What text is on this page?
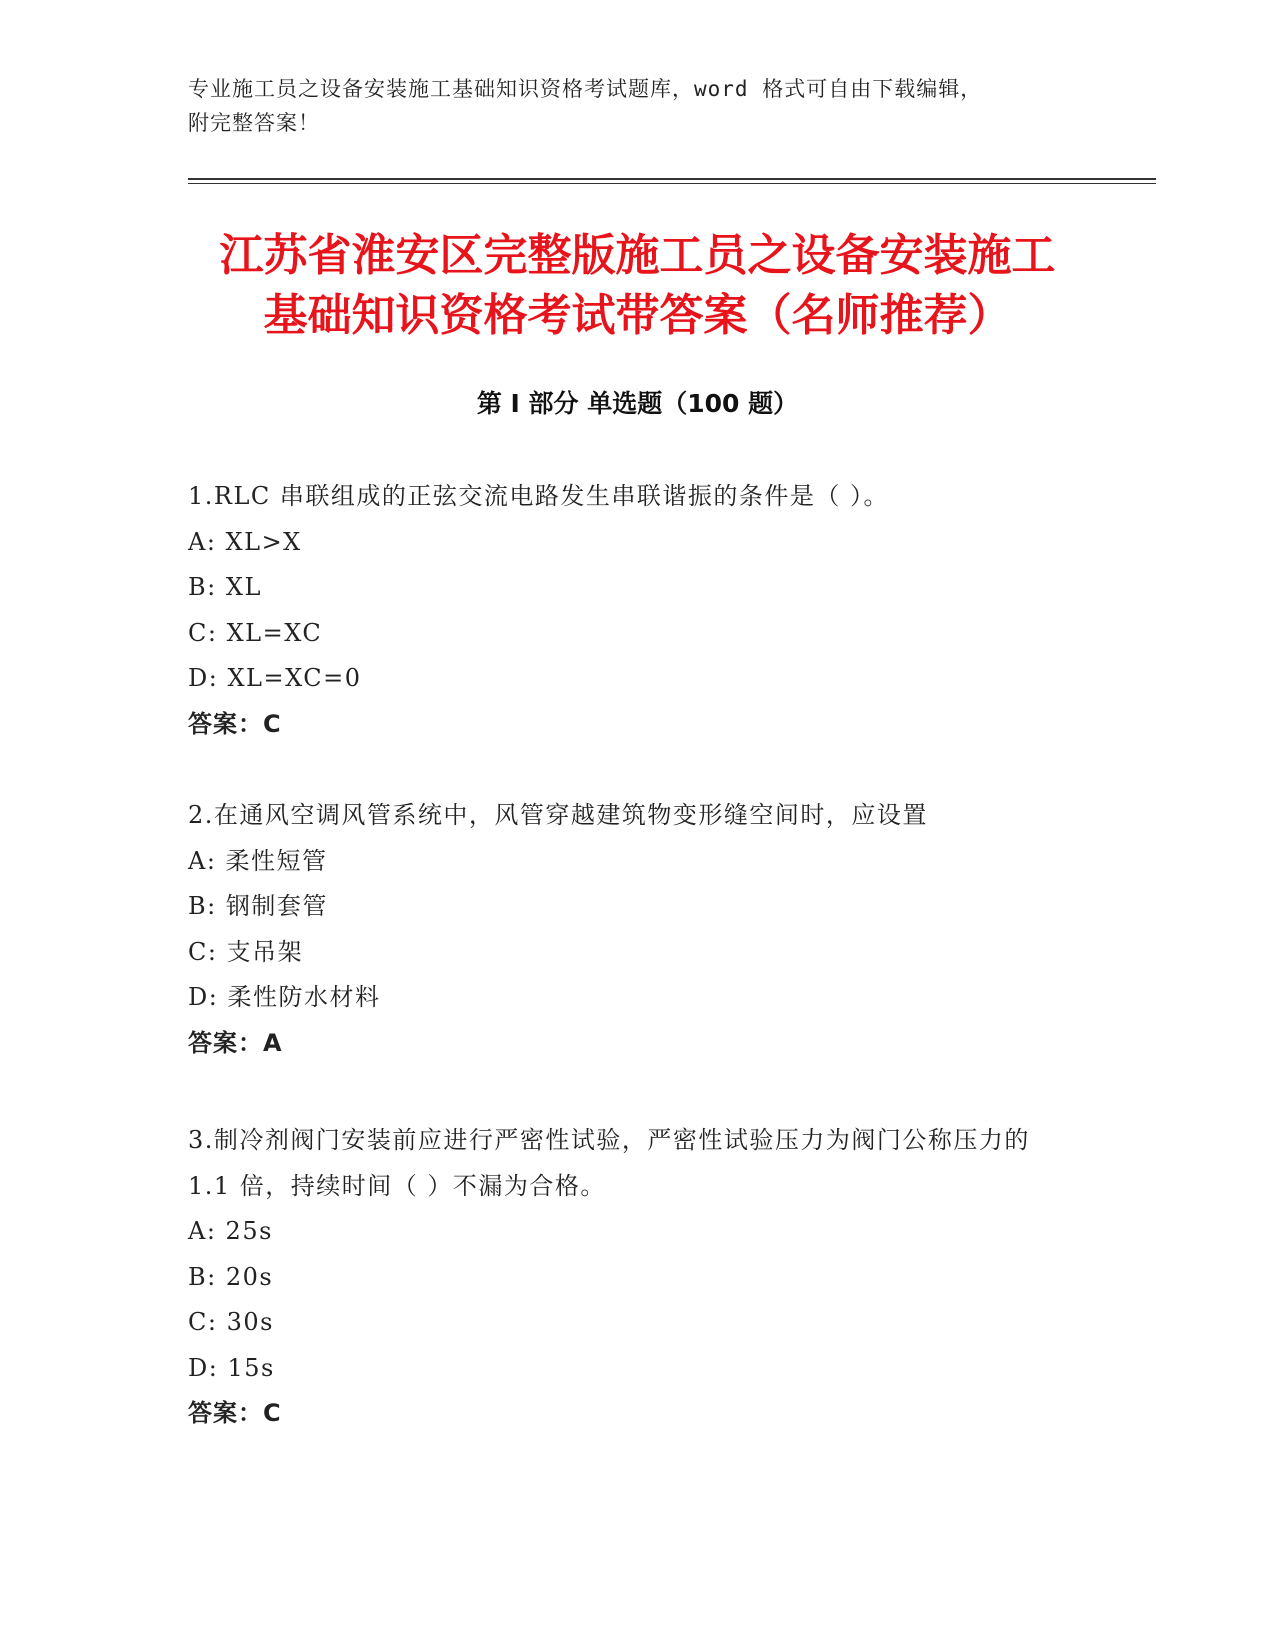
专业施工员之设备安装施工基础知识资格考试题库，word 格式可自由下载编辑，
附完整答案！
江苏省淮安区完整版施工员之设备安装施工
基础知识资格考试带答案（名师推荐）
第 I 部分 单选题（100 题）
1.RLC 串联组成的正弦交流电路发生串联谐振的条件是（ ）。
A: XL>X
B: XL
C: XL=XC
D: XL=XC=0
答案：C
2.在通风空调风管系统中，风管穿越建筑物变形缝空间时，应设置
A: 柔性短管
B: 钢制套管
C: 支吊架
D: 柔性防水材料
答案：A
3.制冷剂阀门安装前应进行严密性试验，严密性试验压力为阀门公称压力的 1.1 倍，持续时间（ ）不漏为合格。
A: 25s
B: 20s
C: 30s
D: 15s
答案：C
